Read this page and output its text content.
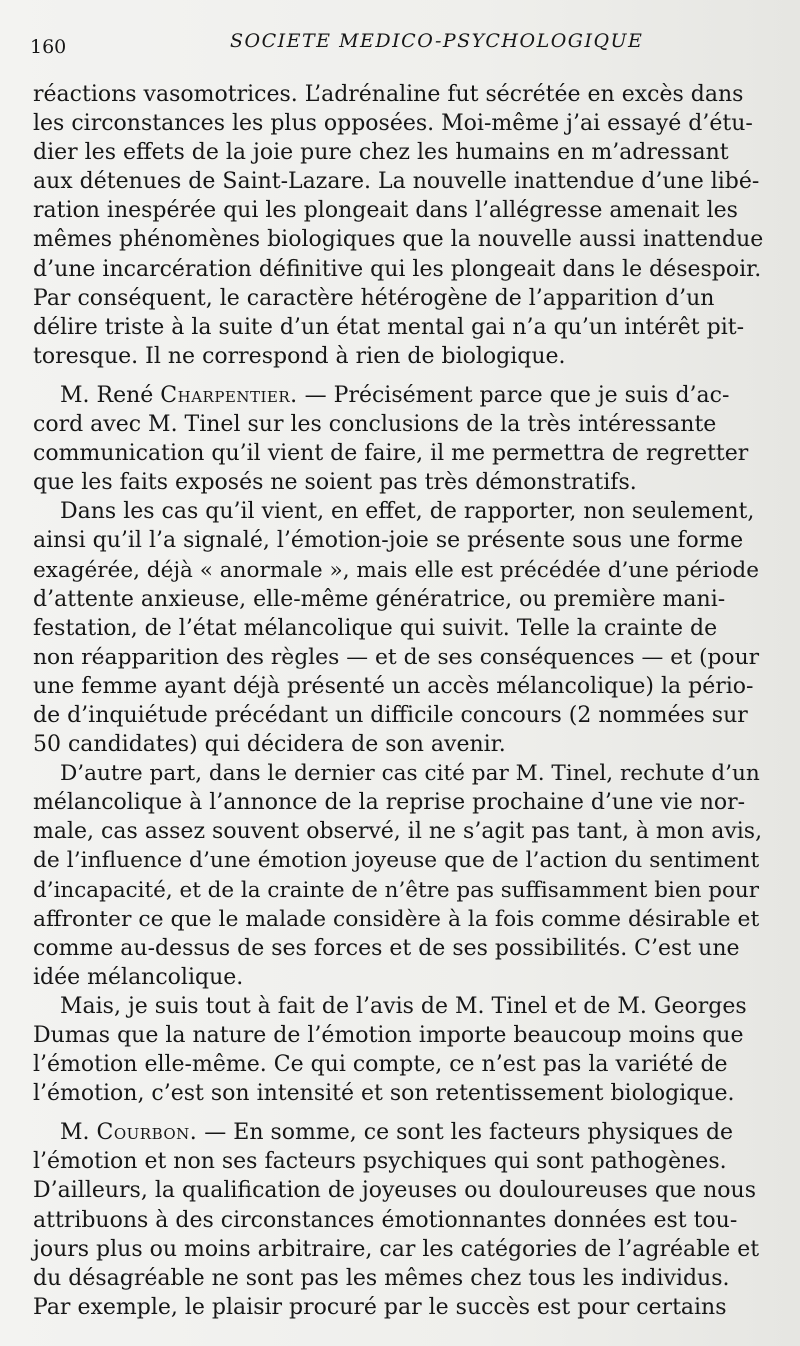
160	SOCIETE MEDICO-PSYCHOLOGIQUE

réactions vasomotrices. L’adrénaline fut sécrétée en excès dans

les circonstances les plus opposées. Moi-même j’ai essayé d’étu-

dier les effets de la joie pure chez les humains en m’adressant

aux détenues de Saint-Lazare. La nouvelle inattendue d’une libé-

ration inespérée qui les plongeait dans l’allégresse amenait les

mêmes phénomènes biologiques que la nouvelle aussi inattendue

d’une incarcération définitive qui les plongeait dans le désespoir.

Par conséquent, le caractère hétérogène de l’apparition d’un

délire triste à la suite d’un état mental gai n’a qu’un intérêt pit-

toresque. Il ne correspond à rien de biologique.

M. René Charpentier. — Précisément parce que je suis d’ac-

cord avec M. Tinel sur les conclusions de la très intéressante

communication qu’il vient de faire, il me permettra de regretter

que les faits exposés ne soient pas très démonstratifs.

Dans les cas qu’il vient, en effet, de rapporter, non seulement,

ainsi qu’il l’a signalé, l’émotion-joie se présente sous une forme

exagérée, déjà « anormale », mais elle est précédée d’une période

d’attente anxieuse, elle-même génératrice, ou première mani-

festation, de l’état mélancolique qui suivit. Telle la crainte de

non réapparition des règles — et de ses conséquences — et (pour

une femme ayant déjà présenté un accès mélancolique) la pério-

de d’inquiétude précédant un difficile concours (2 nommées sur

50 candidates) qui décidera de son avenir.

D’autre part, dans le dernier cas cité par M. Tinel, rechute d’un

mélancolique à l’annonce de la reprise prochaine d’une vie nor-

male, cas assez souvent observé, il ne s’agit pas tant, à mon avis,

de l’influence d’une émotion joyeuse que de l’action du sentiment

d’incapacité, et de la crainte de n’être pas suffisamment bien pour

affronter ce que le malade considère à la fois comme désirable et

comme au-dessus de ses forces et de ses possibilités. C’est une

idée mélancolique.

Mais, je suis tout à fait de l’avis de M. Tinel et de M. Georges

Dumas que la nature de l’émotion importe beaucoup moins que

l’émotion elle-même. Ce qui compte, ce n’est pas la variété de

l’émotion, c’est son intensité et son retentissement biologique.

M. Courbon. — En somme, ce sont les facteurs physiques de

l’émotion et non ses facteurs psychiques qui sont pathogènes.

D’ailleurs, la qualification de joyeuses ou douloureuses que nous

attribuons à des circonstances émotionnantes données est tou-

jours plus ou moins arbitraire, car les catégories de l’agréable et

du désagréable ne sont pas les mêmes chez tous les individus.

Par exemple, le plaisir procuré par le succès est pour certains
